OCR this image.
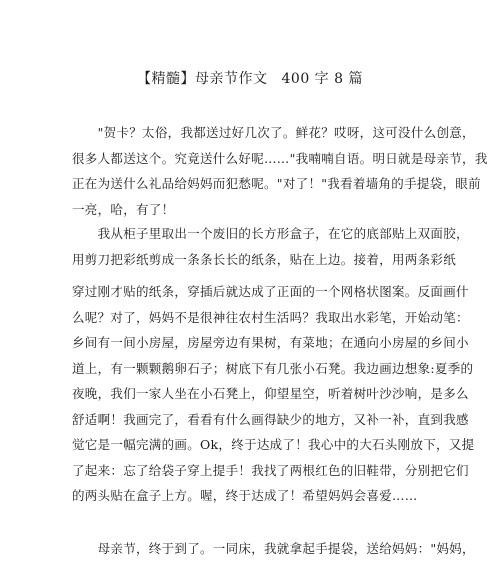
【精髓】母亲节作文 400 字 8 篇

　　"贺卡？太俗，我都送过好几次了。鲜花？哎呀，这可没什么创意，
很多人都送这个。究竟送什么好呢……"我喃喃自语。明日就是母亲节，我
正在为送什么礼品给妈妈而犯愁呢。"对了！"我看着墙角的手提袋，眼前
一亮，哈，有了！

　　我从柜子里取出一个废旧的长方形盒子，在它的底部贴上双面胶，
用剪刀把彩纸剪成一条条长长的纸条，贴在上边。接着，用两条彩纸

穿过刚才贴的纸条，穿插后就达成了正面的一个网格状图案。反面画什
么呢？对了，妈妈不是很神往农村生活吗？我取出水彩笔，开始动笔：
乡间有一间小房屋，房屋旁边有果树，有菜地；在通向小房屋的乡间小
道上，有一颗颗鹅卵石子；树底下有几张小石凳。我边画边想象:夏季的
夜晚，我们一家人坐在小石凳上，仰望星空，听着树叶沙沙响，是多么
舒适啊！我画完了，看看有什么画得缺少的地方，又补一补，直到我感
觉它是一幅完满的画。Ok，终于达成了！我心中的大石头刚放下，又提
了起来：忘了给袋子穿上提手！我找了两根红色的旧鞋带，分别把它们
的两头贴在盒子上方。喔，终于达成了！希望妈妈会喜爱……

　　母亲节，终于到了。一同床，我就拿起手提袋，送给妈妈："妈妈，
